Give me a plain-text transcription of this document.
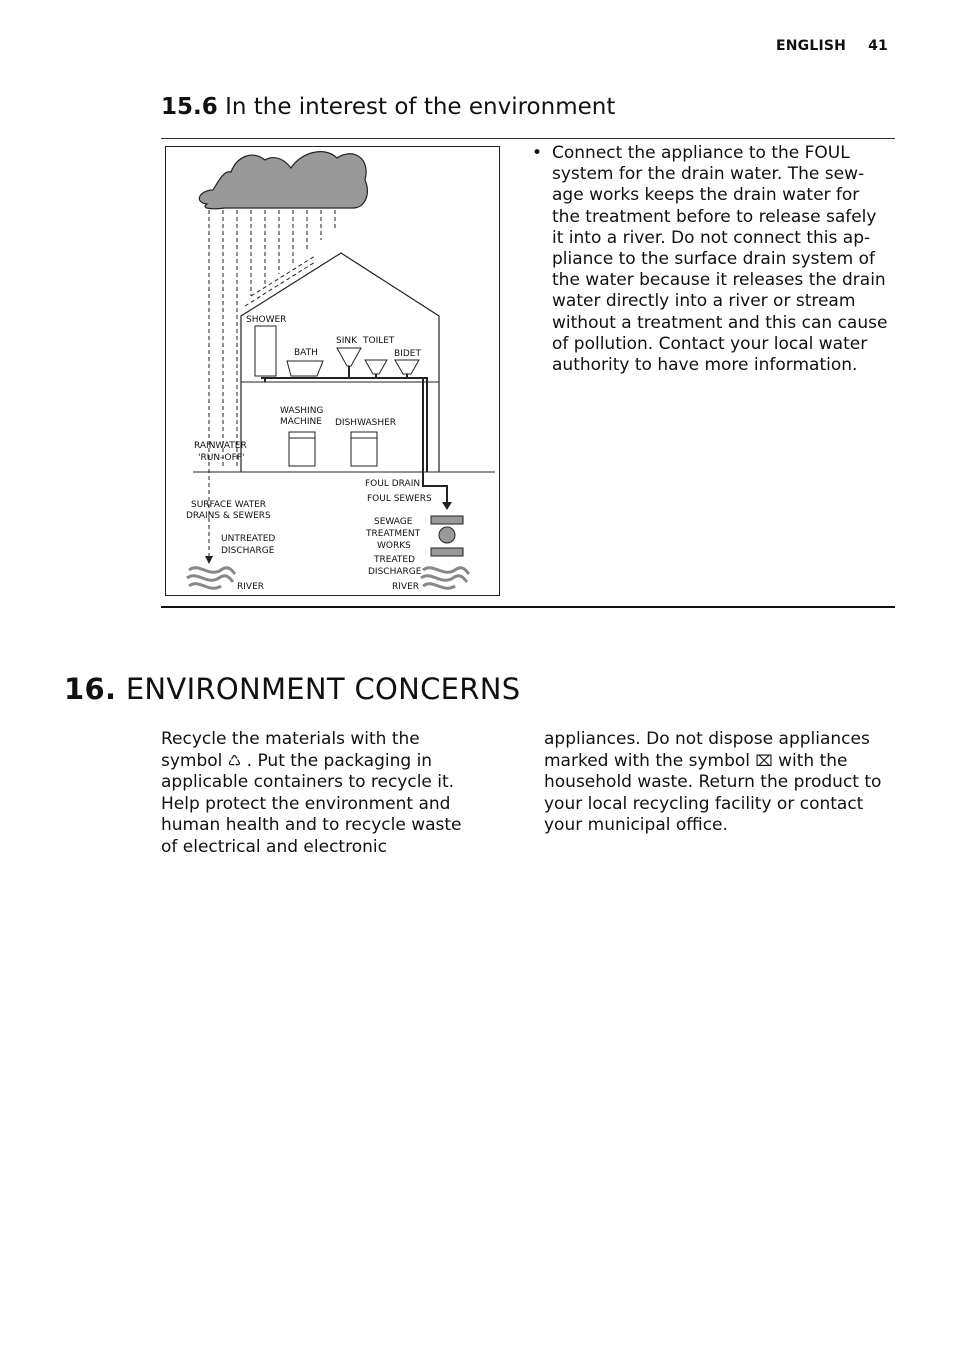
ENGLISH 41
15.6 In the interest of the environment
SHOWER
BATH
SINK TOILET
BIDET
WASHING
MACHINE DISHWASHER
RAINWATER
'RUN–OFF'
FOUL DRAIN
FOUL SEWERS
SURFACE WATER
DRAINS & SEWERS
SEWAGE
TREATMENT
WORKS
UNTREATED
DISCHARGE
TREATED
DISCHARGE
RIVER	RIVER
• Connect the appliance to the FOUL system for the drain water. The sew-age works keeps the drain water for the treatment before to release safely it into a river. Do not connect this ap-pliance to the surface drain system of the water because it releases the drain water directly into a river or stream without a treatment and this can cause of pollution. Contact your local water authority to have more information.
16. ENVIRONMENT CONCERNS
Recycle the materials with the symbol ♺ . Put the packaging in applicable containers to recycle it. Help protect the environment and human health and to recycle waste of electrical and electronic
appliances. Do not dispose appliances marked with the symbol ⌧ with the household waste. Return the product to your local recycling facility or contact your municipal office.
